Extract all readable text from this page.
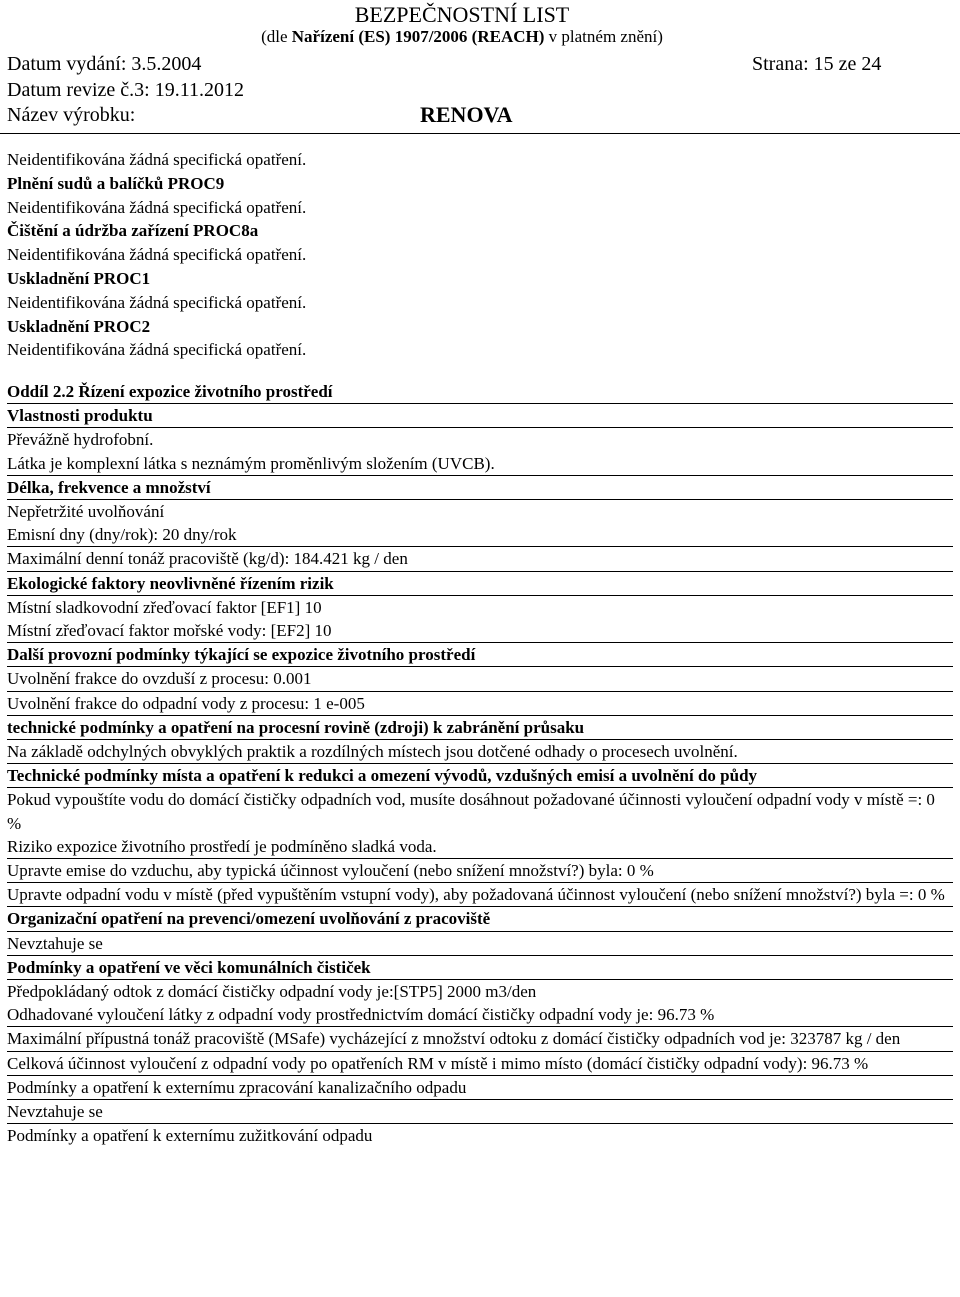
BEZPEČNOSTNÍ LIST
(dle Nařízení (ES) 1907/2006 (REACH) v platném znění)
Datum vydání: 3.5.2004	Strana: 15 ze 24
Datum revize č.3: 19.11.2012
Název výrobku:	RENOVA
Neidentifikována žádná specifická opatření.
Plnění sudů a balíčků PROC9
Neidentifikována žádná specifická opatření.
Čištění a údržba zařízení PROC8a
Neidentifikována žádná specifická opatření.
Uskladnění PROC1
Neidentifikována žádná specifická opatření.
Uskladnění PROC2
Neidentifikována žádná specifická opatření.
Oddíl 2.2 Řízení expozice životního prostředí
Vlastnosti produktu
Převážně hydrofobní.
Látka je komplexní látka s neznámým proměnlivým složením (UVCB).
Délka, frekvence a množství
Nepřetržité uvolňování
Emisní dny (dny/rok): 20 dny/rok
Maximální denní tonáž pracoviště (kg/d): 184.421 kg / den
Ekologické faktory neovlivněné řízením rizik
Místní sladkovodní zřeďovací faktor [EF1] 10
Místní zřeďovací faktor mořské vody: [EF2] 10
Další provozní podmínky týkající se expozice životního prostředí
Uvolnění frakce do ovzduší z procesu: 0.001
Uvolnění frakce do odpadní vody z procesu: 1 e-005
technické podmínky a opatření na procesní rovině (zdroji) k zabránění průsaku
Na základě odchylných obvyklých praktik a rozdílných místech jsou dotčené odhady o procesech uvolnění.
Technické podmínky místa a opatření k redukci a omezení vývodů, vzdušných emisí a uvolnění do půdy
Pokud vypouštíte vodu do domácí čističky odpadních vod, musíte dosáhnout požadované účinnosti vyloučení odpadní vody v místě =: 0 %
Riziko expozice životního prostředí je podmíněno sladká voda.
Upravte emise do vzduchu, aby typická účinnost vyloučení (nebo snížení množství?) byla: 0 %
Upravte odpadní vodu v místě (před vypuštěním vstupní vody), aby požadovaná účinnost vyloučení (nebo snížení množství?) byla =: 0 %
Organizační opatření na prevenci/omezení uvolňování z pracoviště
Nevztahuje se
Podmínky a opatření ve věci komunálních čističek
Předpokládaný odtok z domácí čističky odpadní vody je:[STP5] 2000 m3/den
Odhadované vyloučení látky z odpadní vody prostřednictvím domácí čističky odpadní vody je: 96.73 %
Maximální přípustná tonáž pracoviště (MSafe) vycházející z množství odtoku z domácí čističky odpadních vod je: 323787 kg / den
Celková účinnost vyloučení z odpadní vody po opatřeních RM v místě i mimo místo (domácí čističky odpadní vody): 96.73 %
Podmínky a opatření k externímu zpracování kanalizačního odpadu
Nevztahuje se
Podmínky a opatření k externímu zužitkování odpadu
